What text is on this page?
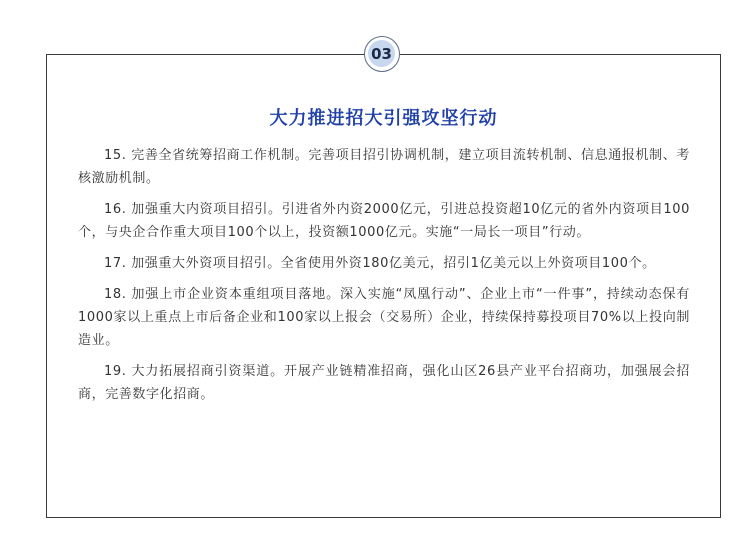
03
大力推进招大引强攻坚行动

15. 完善全省统筹招商工作机制。完善项目招引协调机制，建立项目流转机制、信息通报机制、考核激励机制。

16. 加强重大内资项目招引。引进省外内资2000亿元，引进总投资超10亿元的省外内资项目100个，与央企合作重大项目100个以上，投资额1000亿元。实施“一局长一项目”行动。

17. 加强重大外资项目招引。全省使用外资180亿美元，招引1亿美元以上外资项目100个。

18. 加强上市企业资本重组项目落地。深入实施“凤凰行动”、企业上市“一件事”，持续动态保有1000家以上重点上市后备企业和100家以上报会（交易所）企业，持续保持募投项目70%以上投向制造业。

19. 大力拓展招商引资渠道。开展产业链精准招商，强化山区26县产业平台招商功，加强展会招商，完善数字化招商。
